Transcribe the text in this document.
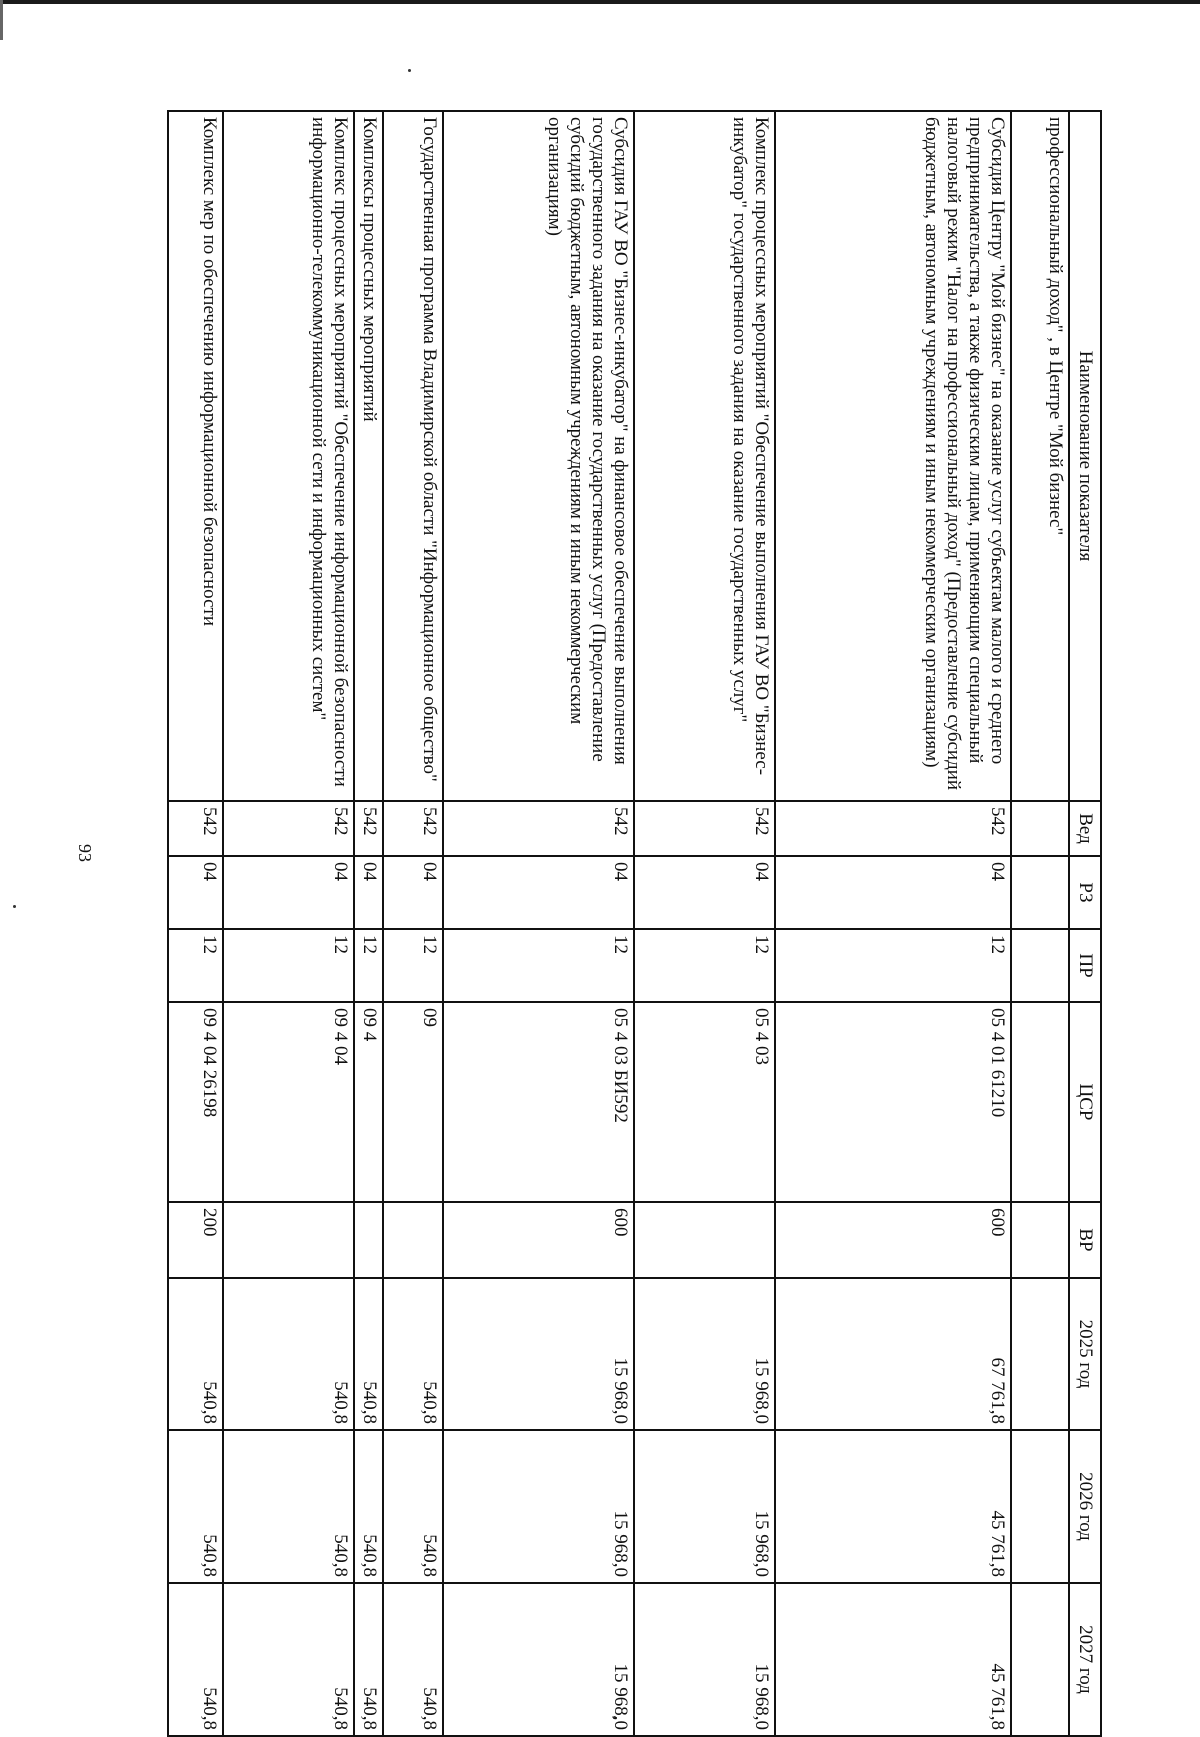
93
Наименование показателя	Вед	РЗ	ПР	ЦСР	ВР	2025 год	2026 год	2027 год
профессиональный доход" , в Центре "Мой бизнес"								
Субсидия Центру "Мой бизнес" на оказание услуг субъектам малого и среднего предпринимательства, а также физическим лицам, применяющим специальный налоговый режим "Налог на профессиональный доход" (Предоставление субсидий бюджетным, автономным учреждениям и иным некоммерческим организациям)	542	04	12	05 4 01 61210	600	67 761,8	45 761,8	45 761,8
Комплекс процессных мероприятий "Обеспечение выполнения ГАУ ВО "Бизнес-инкубатор" государственного задания на оказание государственных услуг"	542	04	12	05 4 03		15 968,0	15 968,0	15 968,0
Субсидия ГАУ ВО "Бизнес-инкубатор" на финансовое обеспечение выполнения государственного задания на оказание государственных услуг (Предоставление субсидий бюджетным, автономным учреждениям и иным некоммерческим организациям)	542	04	12	05 4 03 БИ592	600	15 968,0	15 968,0	15 968,0
Государственная программа Владимирской области "Информационное общество"	542	04	12	09		540,8	540,8	540,8
Комплексы процессных мероприятий	542	04	12	09 4		540,8	540,8	540,8
Комплекс процессных мероприятий "Обеспечение информационной безопасности информационно-телекоммуникационной сети и информационных систем"	542	04	12	09 4 04		540,8	540,8	540,8
Комплекс мер по обеспечению информационной безопасности	542	04	12	09 4 04 26198	200	540,8	540,8	540,8
